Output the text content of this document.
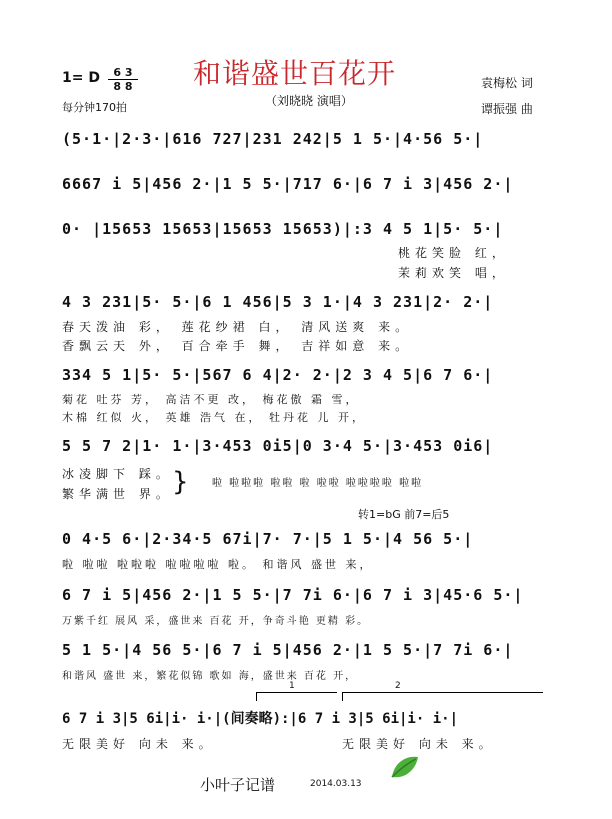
1= D	6 3
8 8
每分钟170拍
和谐盛世百花开
（刘晓晓 演唱）
袁梅松 词
谭振强 曲
(5·1·|2·3·|616 727|231 242|5 1 5·|4·56 5·|
6667 i 5|456 2·|1 5 5·|717 6·|6 7 i 3|456 2·|
0· |15653 15653|15653 15653)|:3 4 5 1|5· 5·|
桃花笑脸 红，
茉莉欢笑 唱，
4 3 231|5· 5·|6 1 456|5 3 1·|4 3 231|2· 2·|
春天泼油 彩， 莲花纱裙 白， 清风送爽 来。
香飘云天 外， 百合牵手 舞， 吉祥如意 来。
334 5 1|5· 5·|567 6 4|2· 2·|2 3 4 5|6 7 6·|
菊花 吐芬 芳， 高洁不更 改， 梅花傲 霜 雪，
木棉 红似 火， 英雄 浩气 在， 牡丹花 儿 开，
5 5 7 2|1· 1·|3·453 0i5|0 3·4 5·|3·453 0i6|
冰凌脚下 踩。
繁华满世 界。 } 啦 啦啦啦 啦啦 啦 啦啦 啦啦啦啦 啦啦
转1=bG 前7=后5
0 4·5 6·|2·34·5 67i|7· 7·|5 1 5·|4 56 5·|
啦 啦啦 啦啦啦 啦啦啦啦 啦。 和谐风 盛世 来，
6 7 i 5|456 2·|1 5 5·|7 7i 6·|6 7 i 3|45·6 5·|
万紫千红 展风 采，盛世来 百花 开，争奇斗艳 更精 彩。
5 1 5·|4 56 5·|6 7 i 5|456 2·|1 5 5·|7 7i 6·|
和谐风 盛世 来，繁花似锦 歌如 海，盛世来 百花 开，
1	2
6 7 i 3|5 6i|i· i·|(间奏略):|6 7 i 3|5 6i|i· i·|
无限美好 向未 来。	无限美好 向未 来。
小叶子记谱	2014.03.13
